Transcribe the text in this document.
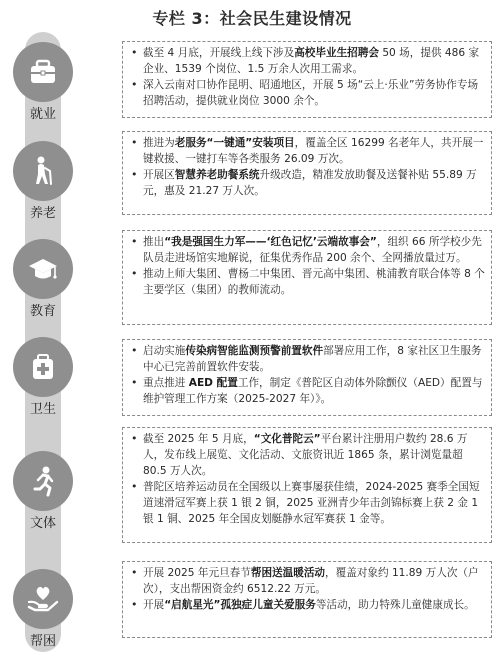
专栏 3：社会民生建设情况
就业
养老
教育
卫生
文体
帮困
• 截至 4 月底，开展线上线下涉及高校毕业生招聘会 50 场，提供 486 家企业、1539 个岗位、1.5 万余人次用工需求。
• 深入云南对口协作昆明、昭通地区，开展 5 场“云上·乐业”劳务协作专场招聘活动，提供就业岗位 3000 余个。
• 推进为老服务“一键通”安装项目，覆盖全区 16299 名老年人，共开展一键救援、一键打车等各类服务 26.09 万次。
• 开展区智慧养老助餐系统升级改造，精准发放助餐及送餐补贴 55.89 万元，惠及 21.27 万人次。
• 推出“我是强国生力军——‘红色记忆’云端故事会”，组织 66 所学校少先队员走进场馆实地解说，征集优秀作品 200 余个、全网播放量过万。
• 推动上师大集团、曹杨二中集团、晋元高中集团、桃浦教育联合体等 8 个主要学区（集团）的教师流动。
• 启动实施传染病智能监测预警前置软件部署应用工作，8 家社区卫生服务中心已完善前置软件安装。
• 重点推进 AED 配置工作，制定《普陀区自动体外除颤仪（AED）配置与维护管理工作方案（2025-2027 年）》。
• 截至 2025 年 5 月底，“文化普陀云”平台累计注册用户数约 28.6 万人，发布线上展览、文化活动、文旅资讯近 1865 条，累计浏览量超 80.5 万人次。
• 普陀区培养运动员在全国级以上赛事屡获佳绩，2024-2025 赛季全国短道速滑冠军赛上获 1 银 2 铜，2025 亚洲青少年击剑锦标赛上获 2 金 1 银 1 铜、2025 年全国皮划艇静水冠军赛获 1 金等。
• 开展 2025 年元旦春节帮困送温暖活动，覆盖对象约 11.89 万人次（户次），支出帮困资金约 6512.22 万元。
• 开展“启航星光”孤独症儿童关爱服务等活动，助力特殊儿童健康成长。
